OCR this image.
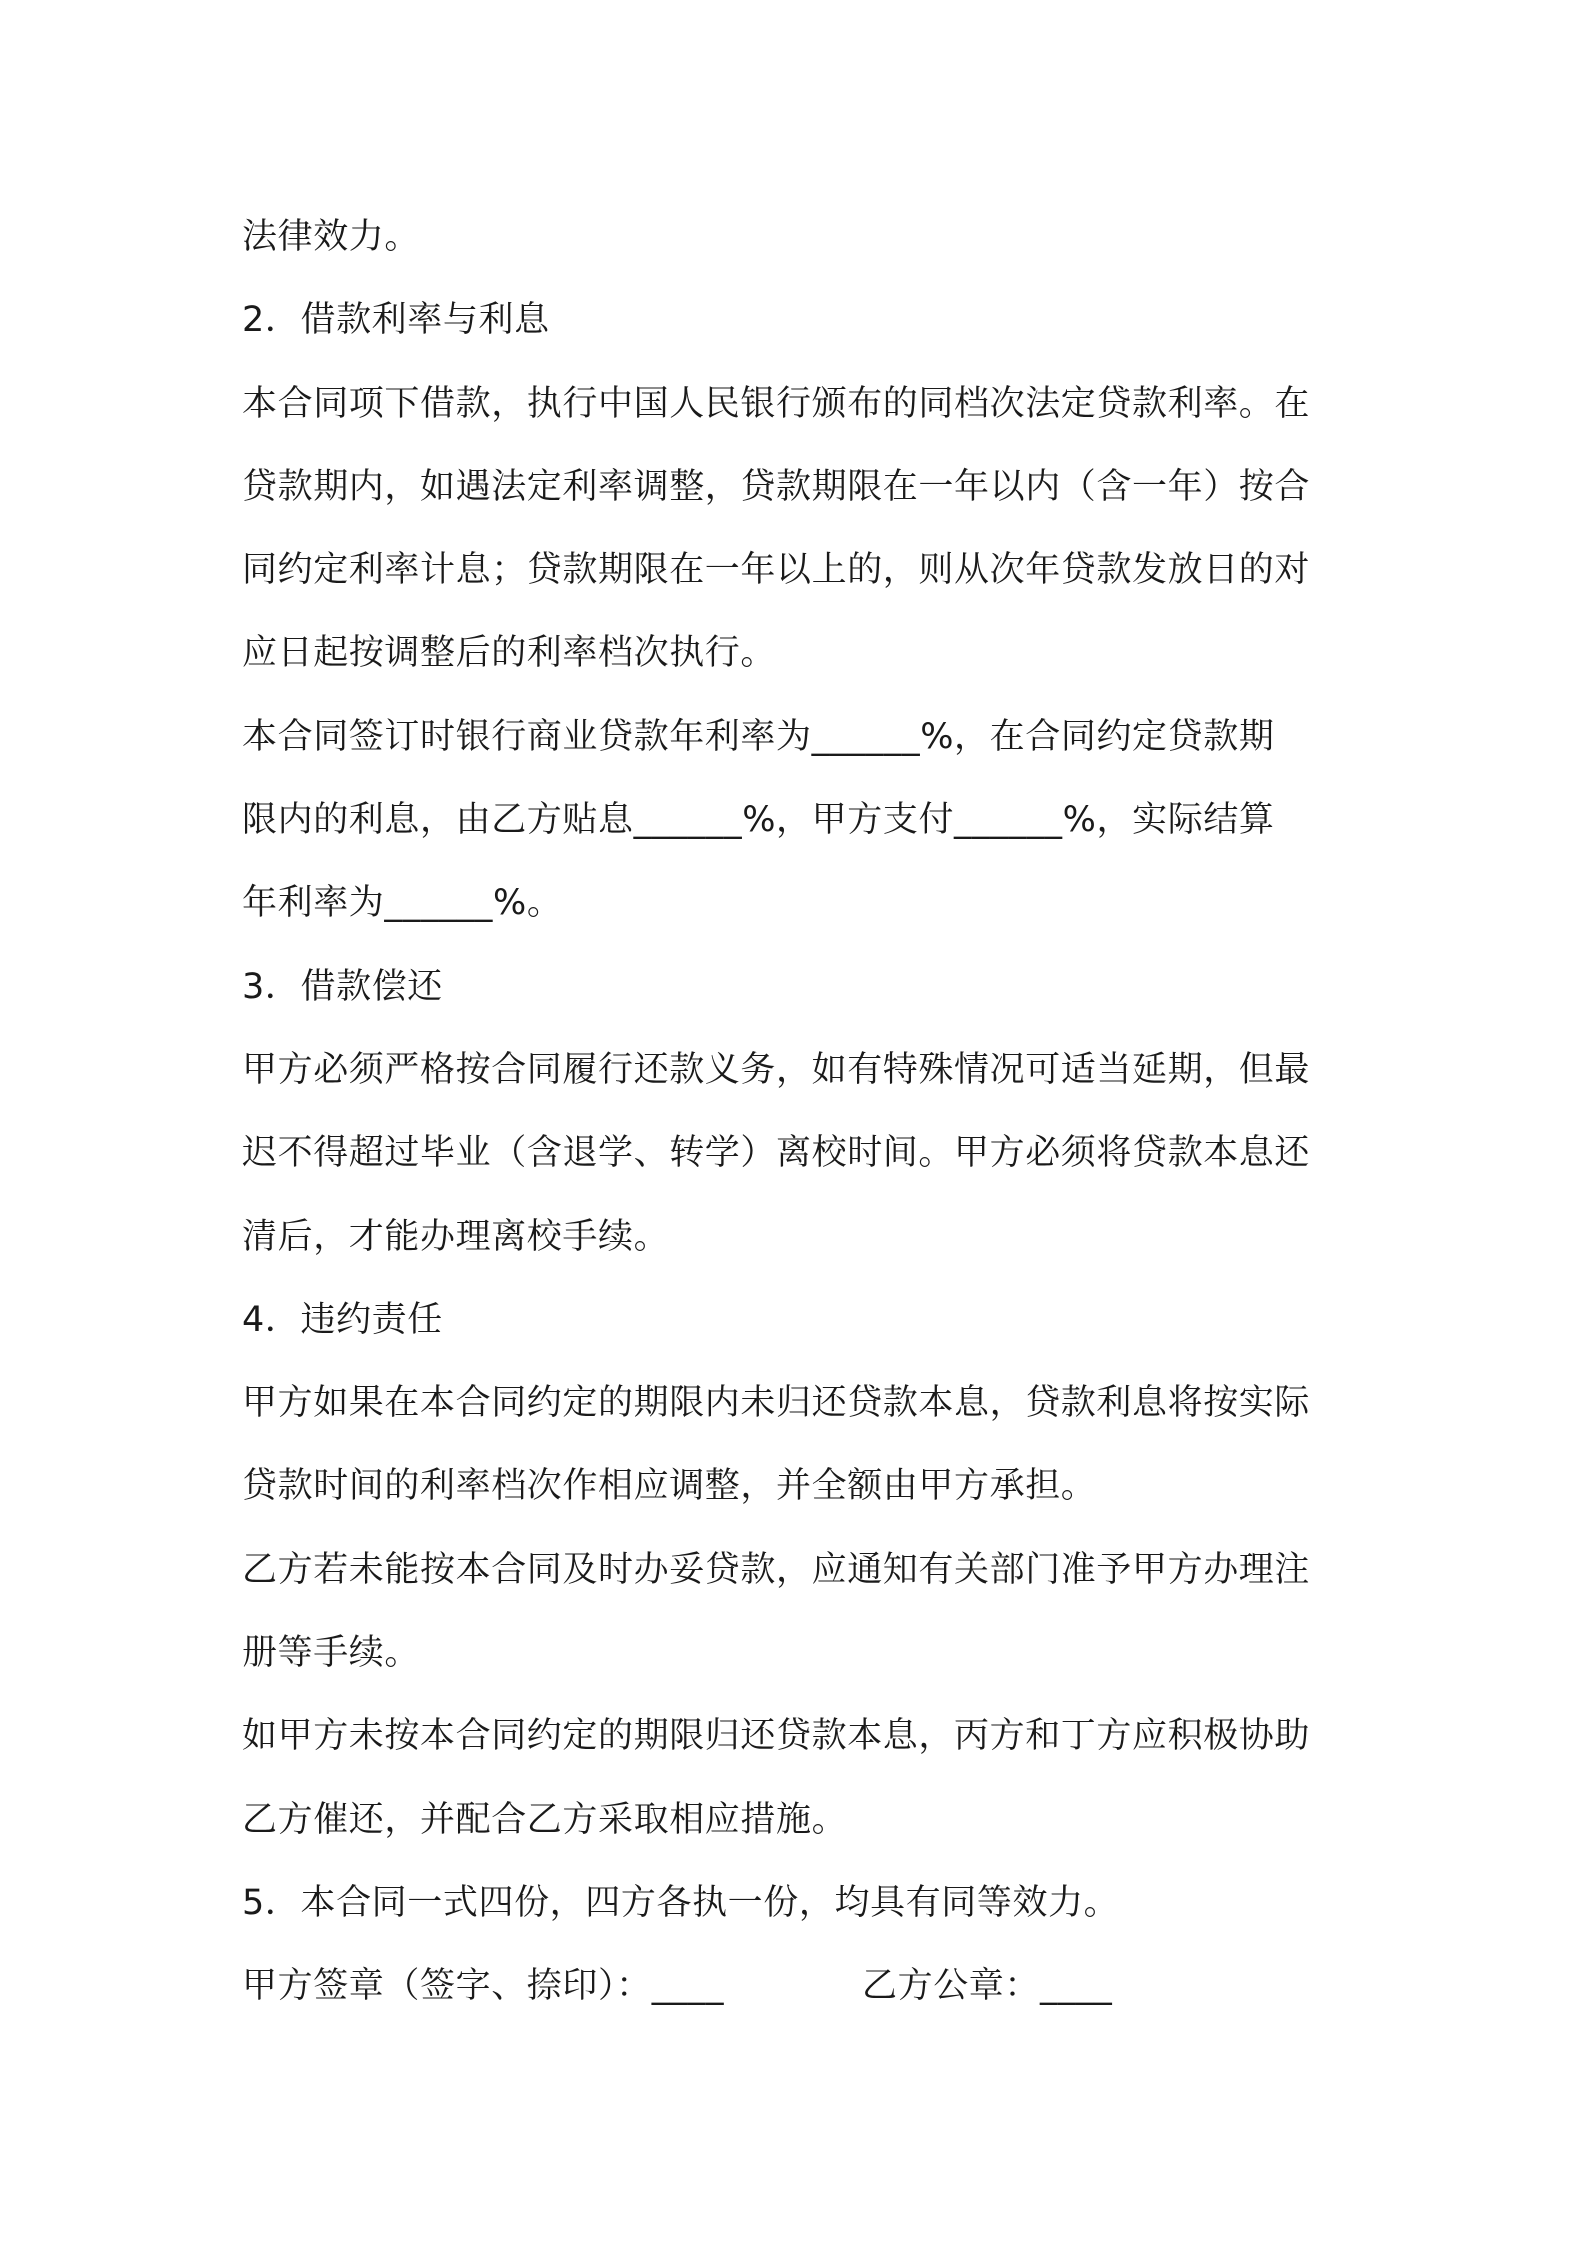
法律效力。
2．借款利率与利息
本合同项下借款，执行中国人民银行颁布的同档次法定贷款利率。在
贷款期内，如遇法定利率调整，贷款期限在一年以内（含一年）按合
同约定利率计息；贷款期限在一年以上的，则从次年贷款发放日的对
应日起按调整后的利率档次执行。
本合同签订时银行商业贷款年利率为______%，在合同约定贷款期
限内的利息，由乙方贴息______%，甲方支付______%，实际结算
年利率为______%。
3．借款偿还
甲方必须严格按合同履行还款义务，如有特殊情况可适当延期，但最
迟不得超过毕业（含退学、转学）离校时间。甲方必须将贷款本息还
清后，才能办理离校手续。
4．违约责任
甲方如果在本合同约定的期限内未归还贷款本息，贷款利息将按实际
贷款时间的利率档次作相应调整，并全额由甲方承担。
乙方若未能按本合同及时办妥贷款，应通知有关部门准予甲方办理注
册等手续。
如甲方未按本合同约定的期限归还贷款本息，丙方和丁方应积极协助
乙方催还，并配合乙方采取相应措施。
5．本合同一式四份，四方各执一份，均具有同等效力。
甲方签章（签字、捺印）：____	乙方公章：____
